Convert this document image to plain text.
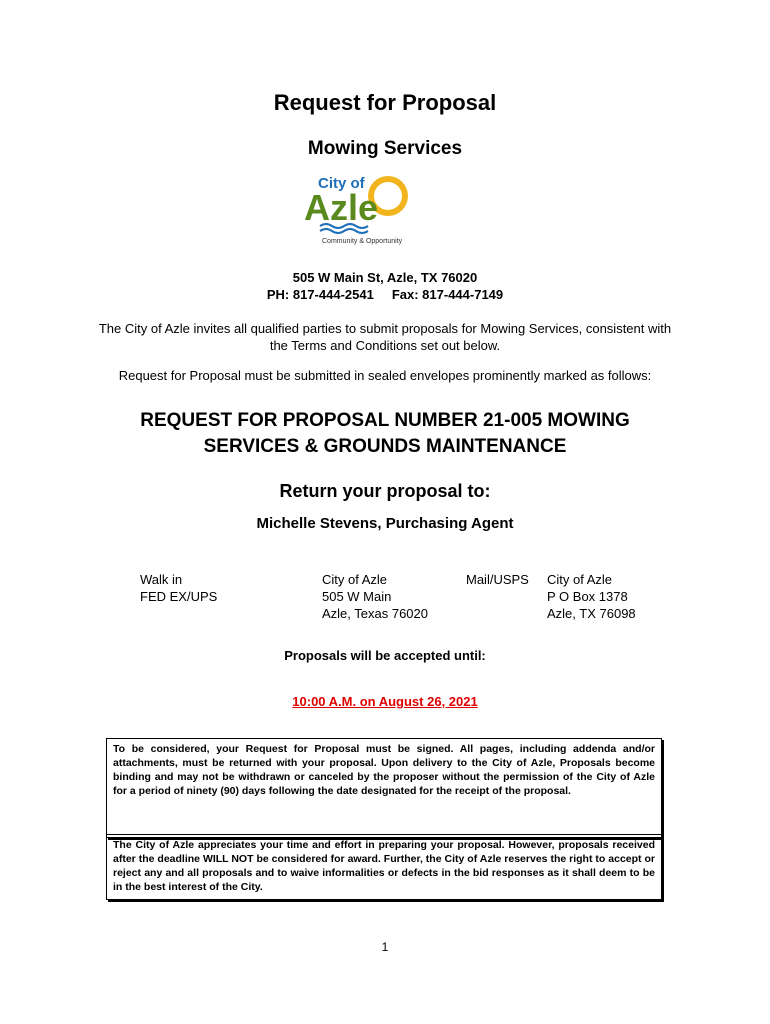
Request for Proposal
Mowing Services
City of
Azle
Community & Opportunity
505 W Main St, Azle, TX 76020
PH: 817-444-2541 Fax: 817-444-7149
The City of Azle invites all qualified parties to submit proposals for Mowing Services, consistent with
the Terms and Conditions set out below.
Request for Proposal must be submitted in sealed envelopes prominently marked as follows:
REQUEST FOR PROPOSAL NUMBER 21-005 MOWING
SERVICES & GROUNDS MAINTENANCE
Return your proposal to:
Michelle Stevens, Purchasing Agent
Walk in
FED EX/UPS
City of Azle
505 W Main
Azle, Texas 76020
Mail/USPS City of Azle
P O Box 1378
Azle, TX 76098
Proposals will be accepted until:
10:00 A.M. on August 26, 2021
To be considered, your Request for Proposal must be signed. All pages, including addenda and/or attachments, must be returned with your proposal. Upon delivery to the City of Azle, Proposals become binding and may not be withdrawn or canceled by the proposer without the permission of the City of Azle for a period of ninety (90) days following the date designated for the receipt of the proposal.
The City of Azle appreciates your time and effort in preparing your proposal. However, proposals received after the deadline WILL NOT be considered for award. Further, the City of Azle reserves the right to accept or reject any and all proposals and to waive informalities or defects in the bid responses as it shall deem to be in the best interest of the City.
1
